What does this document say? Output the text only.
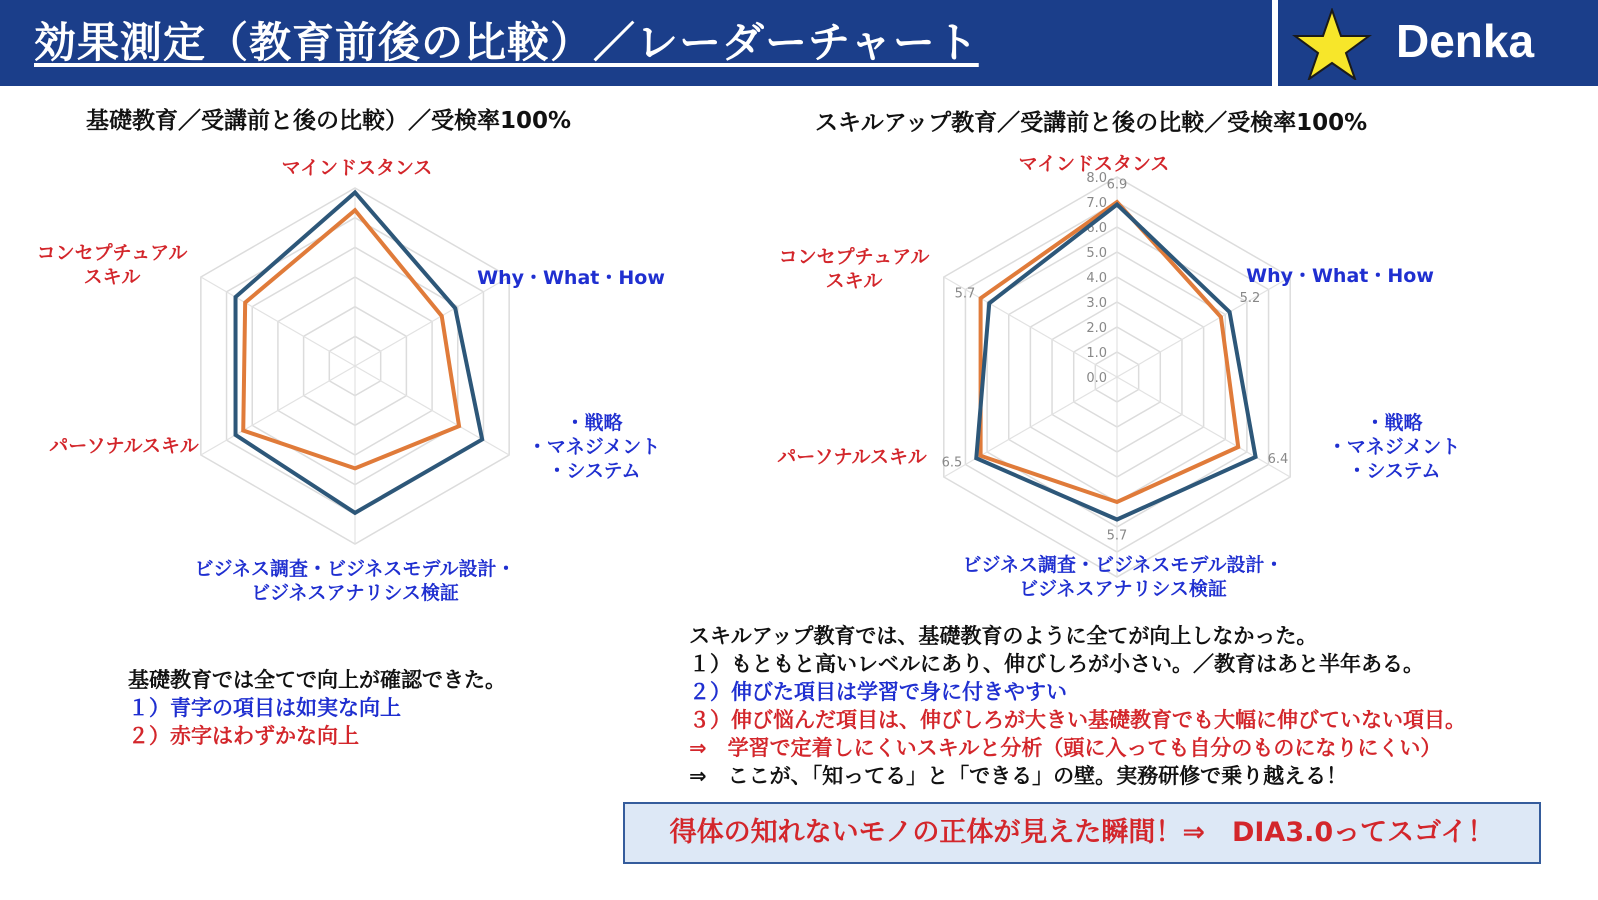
効果測定（教育前後の比較）／レーダーチャート	Denka
基礎教育／受講前と後の比較）／受検率100%
マインドスタンス
Why・What・How
・戦略
・マネジメント
・システム
ビジネス調査・ビジネスモデル設計・
ビジネスアナリシス検証
パーソナルスキル
コンセプチュアル
スキル
スキルアップ教育／受講前と後の比較／受検率100%
0.0
1.0
2.0
3.0
4.0
5.0
6.0
7.0
8.0 6.9
5.2
6.4
5.7
6.5
5.7
マインドスタンス
Why・What・How
・戦略
・マネジメント
・システム
ビジネス調査・ビジネスモデル設計・
ビジネスアナリシス検証
パーソナルスキル
コンセプチュアル
スキル
基礎教育では全てで向上が確認できた。
１）青字の項目は如実な向上
２）赤字はわずかな向上
スキルアップ教育では、基礎教育のように全てが向上しなかった。
１）もともと高いレベルにあり、伸びしろが小さい。／教育はあと半年ある。
２）伸びた項目は学習で身に付きやすい
３）伸び悩んだ項目は、伸びしろが大きい基礎教育でも大幅に伸びていない項目。
⇒　学習で定着しにくいスキルと分析（頭に入っても自分のものになりにくい）
⇒　ここが、「知ってる」と「できる」の壁。実務研修で乗り越える！
得体の知れないモノの正体が見えた瞬間！⇒　DIA3.0ってスゴイ！
